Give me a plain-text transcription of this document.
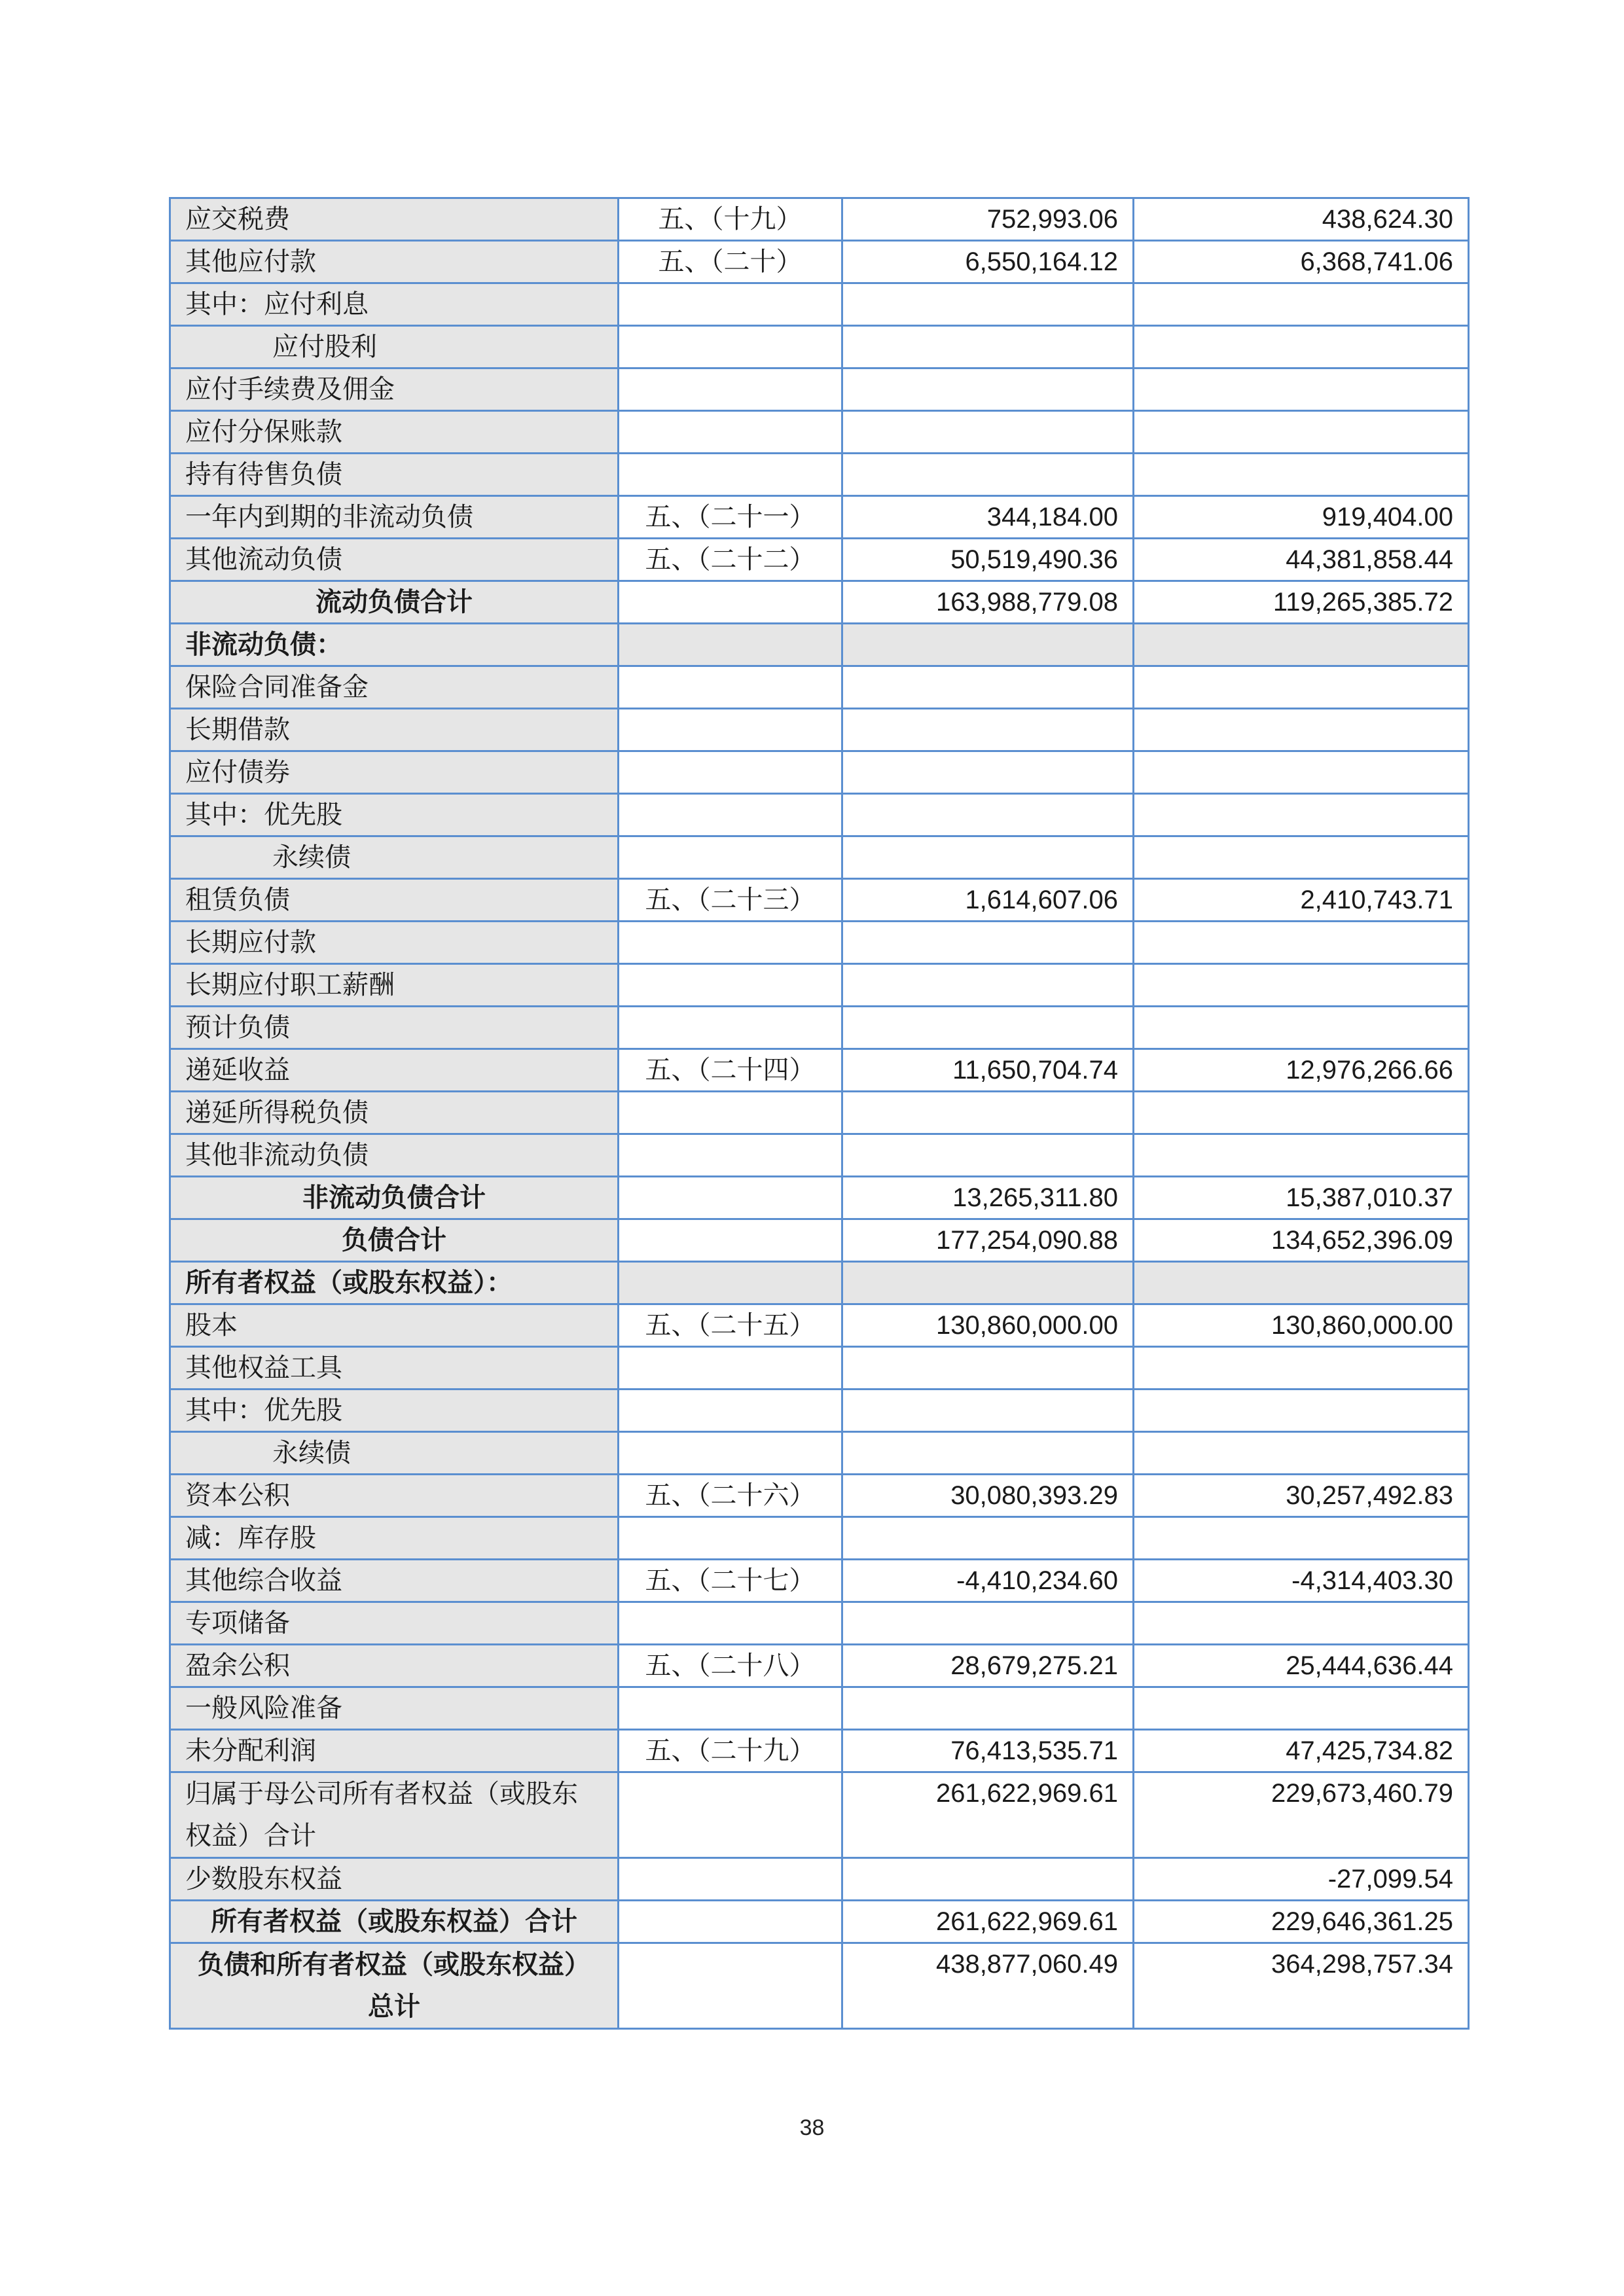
应交税费	五、（十九）	752,993.06	438,624.30
其他应付款	五、（二十）	6,550,164.12	6,368,741.06
其中：应付利息			
应付股利			
应付手续费及佣金			
应付分保账款			
持有待售负债			
一年内到期的非流动负债	五、（二十一）	344,184.00	919,404.00
其他流动负债	五、（二十二）	50,519,490.36	44,381,858.44
流动负债合计		163,988,779.08	119,265,385.72
非流动负债：			
保险合同准备金			
长期借款			
应付债券			
其中：优先股			
永续债			
租赁负债	五、（二十三）	1,614,607.06	2,410,743.71
长期应付款			
长期应付职工薪酬			
预计负债			
递延收益	五、（二十四）	11,650,704.74	12,976,266.66
递延所得税负债			
其他非流动负债			
非流动负债合计		13,265,311.80	15,387,010.37
负债合计		177,254,090.88	134,652,396.09
所有者权益（或股东权益）：			
股本	五、（二十五）	130,860,000.00	130,860,000.00
其他权益工具			
其中：优先股			
永续债			
资本公积	五、（二十六）	30,080,393.29	30,257,492.83
减：库存股			
其他综合收益	五、（二十七）	-4,410,234.60	-4,314,403.30
专项储备			
盈余公积	五、（二十八）	28,679,275.21	25,444,636.44
一般风险准备			
未分配利润	五、（二十九）	76,413,535.71	47,425,734.82
归属于母公司所有者权益（或股东权益）合计		261,622,969.61	229,673,460.79
少数股东权益			-27,099.54
所有者权益（或股东权益）合计		261,622,969.61	229,646,361.25
负债和所有者权益（或股东权益）总计		438,877,060.49	364,298,757.34
38
